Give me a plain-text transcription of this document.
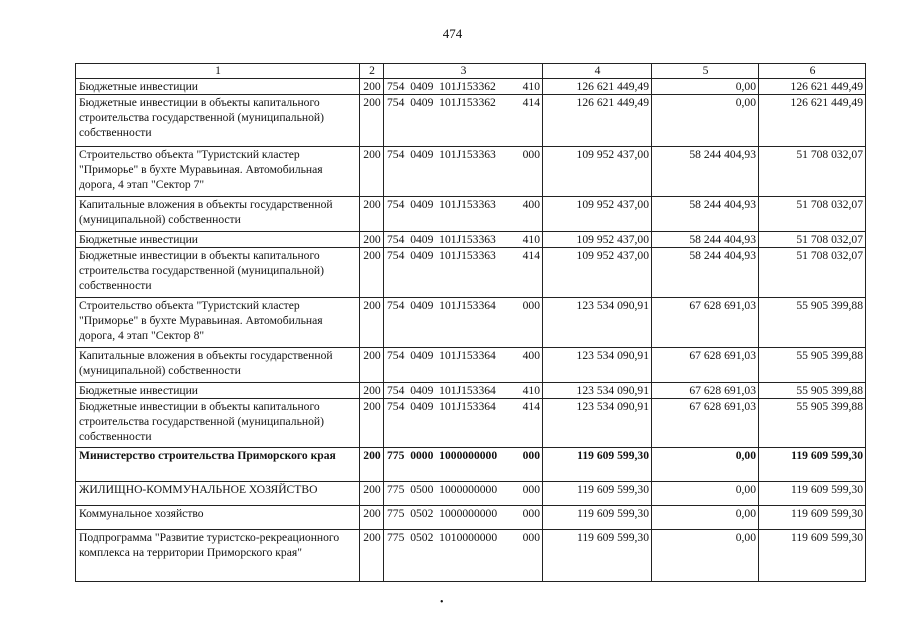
474
1	2	3	4	5	6
Бюджетные инвестиции	200	754  0409  101J153362 410	126 621 449,49	0,00	126 621 449,49
Бюджетные инвестиции в объекты капитального строительства государственной (муниципальной) собственности	200	754  0409  101J153362 414	126 621 449,49	0,00	126 621 449,49
Строительство объекта "Туристский кластер "Приморье" в бухте Муравьиная. Автомобильная дорога, 4 этап "Сектор 7"	200	754  0409  101J153363 000	109 952 437,00	58 244 404,93	51 708 032,07
Капитальные вложения в объекты государственной (муниципальной) собственности	200	754  0409  101J153363 400	109 952 437,00	58 244 404,93	51 708 032,07
Бюджетные инвестиции	200	754  0409  101J153363 410	109 952 437,00	58 244 404,93	51 708 032,07
Бюджетные инвестиции в объекты капитального строительства государственной (муниципальной) собственности	200	754  0409  101J153363 414	109 952 437,00	58 244 404,93	51 708 032,07
Строительство объекта "Туристский кластер "Приморье" в бухте Муравьиная. Автомобильная дорога, 4 этап "Сектор 8"	200	754  0409  101J153364 000	123 534 090,91	67 628 691,03	55 905 399,88
Капитальные вложения в объекты государственной (муниципальной) собственности	200	754  0409  101J153364 400	123 534 090,91	67 628 691,03	55 905 399,88
Бюджетные инвестиции	200	754  0409  101J153364 410	123 534 090,91	67 628 691,03	55 905 399,88
Бюджетные инвестиции в объекты капитального строительства государственной (муниципальной) собственности	200	754  0409  101J153364 414	123 534 090,91	67 628 691,03	55 905 399,88
Министерство строительства Приморского края	200	775  0000  1000000000 000	119 609 599,30	0,00	119 609 599,30
ЖИЛИЩНО-КОММУНАЛЬНОЕ ХОЗЯЙСТВО	200	775  0500  1000000000 000	119 609 599,30	0,00	119 609 599,30
Коммунальное хозяйство	200	775  0502  1000000000 000	119 609 599,30	0,00	119 609 599,30
Подпрограмма "Развитие туристско-рекреационного комплекса на территории Приморского края"	200	775  0502  1010000000 000	119 609 599,30	0,00	119 609 599,30
•
